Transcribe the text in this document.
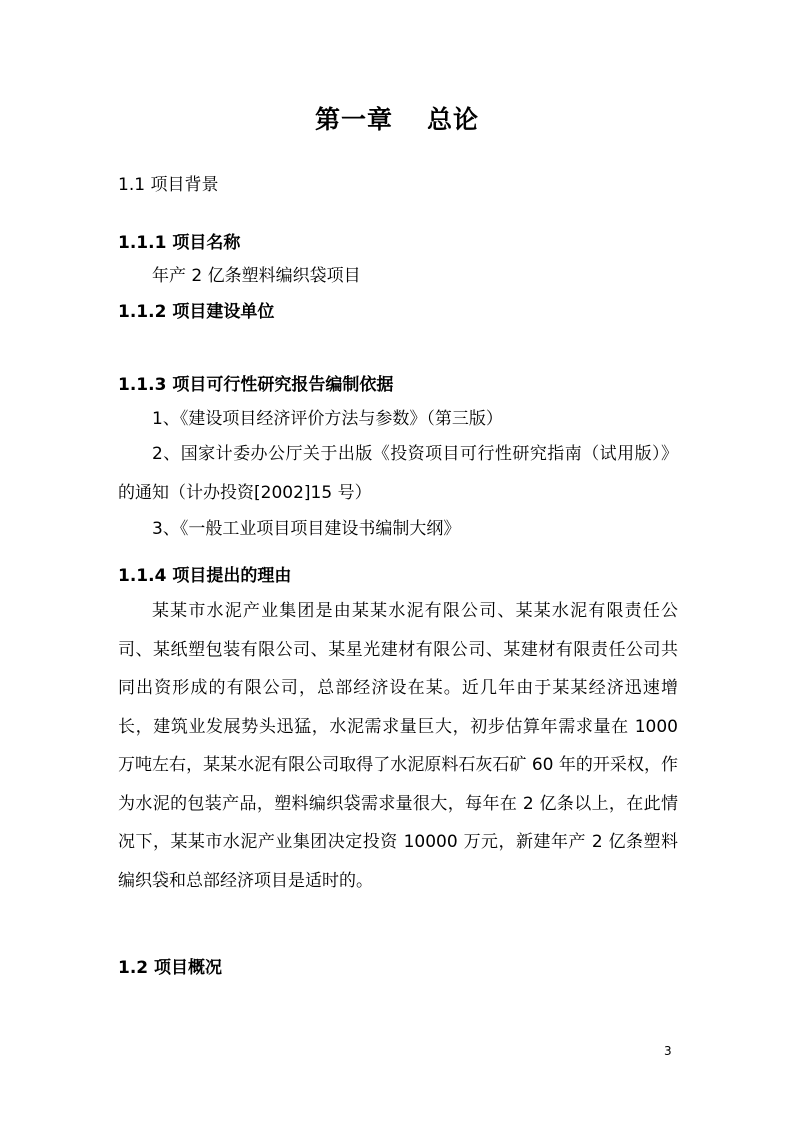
第一章 总论
1.1 项目背景
1.1.1 项目名称
年产 2 亿条塑料编织袋项目
1.1.2 项目建设单位
1.1.3 项目可行性研究报告编制依据
1、《建设项目经济评价方法与参数》（第三版）
2、国家计委办公厅关于出版《投资项目可行性研究指南（试用版）》的通知（计办投资[2002]15 号）
3、《一般工业项目项目建设书编制大纲》
1.1.4 项目提出的理由
某某市水泥产业集团是由某某水泥有限公司、某某水泥有限责任公司、某纸塑包装有限公司、某星光建材有限公司、某建材有限责任公司共同出资形成的有限公司，总部经济设在某。近几年由于某某经济迅速增长，建筑业发展势头迅猛，水泥需求量巨大，初步估算年需求量在 1000 万吨左右，某某水泥有限公司取得了水泥原料石灰石矿 60 年的开采权，作为水泥的包装产品，塑料编织袋需求量很大，每年在 2 亿条以上，在此情况下，某某市水泥产业集团决定投资 10000 万元，新建年产 2 亿条塑料编织袋和总部经济项目是适时的。
1.2 项目概况
3
